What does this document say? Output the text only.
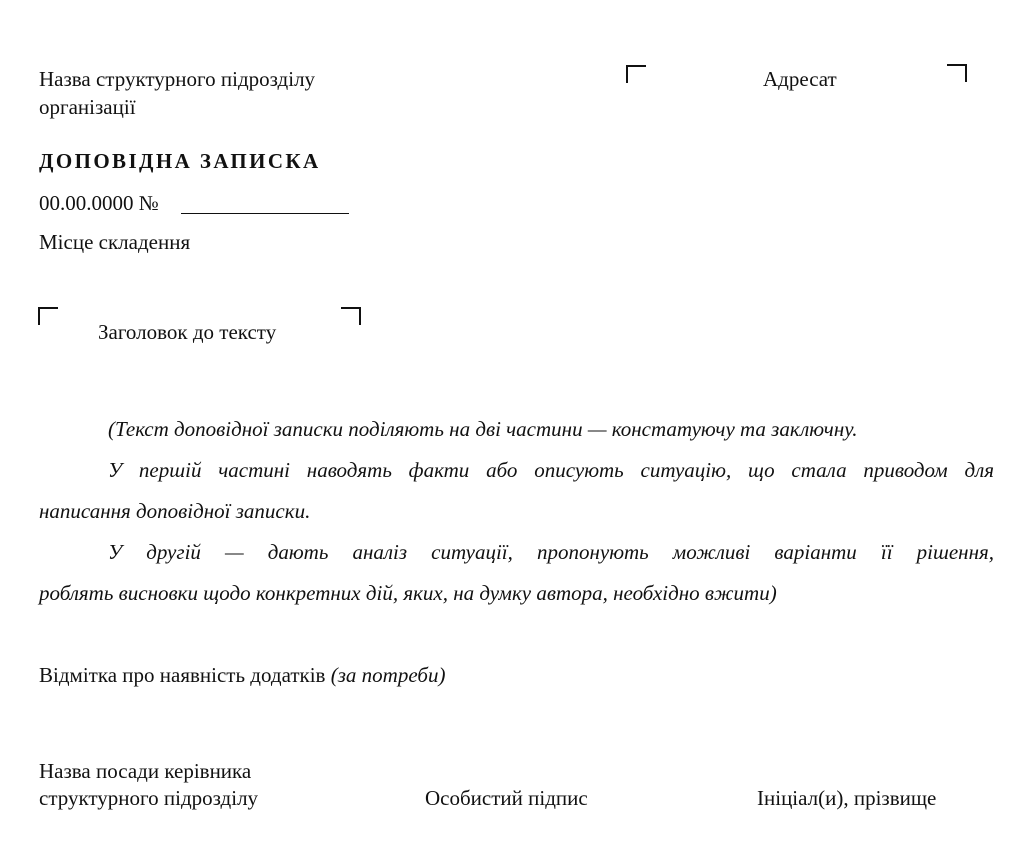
Назва структурного підрозділу
організації
Адресат
ДОПОВІДНА ЗАПИСКА
00.00.0000 №
Місце складення
Заголовок до тексту
(Текст доповідної записки поділяють на дві частини — констатуючу та заключну.
У першій частині наводять факти або описують ситуацію, що стала приводом для
написання доповідної записки.
У другій — дають аналіз ситуації, пропонують можливі варіанти її рішення,
роблять висновки щодо конкретних дій, яких, на думку автора, необхідно вжити)
Відмітка про наявність додатків (за потреби)
Назва посади керівника
структурного підрозділу	Особистий підпис	Ініціал(и), прізвище
